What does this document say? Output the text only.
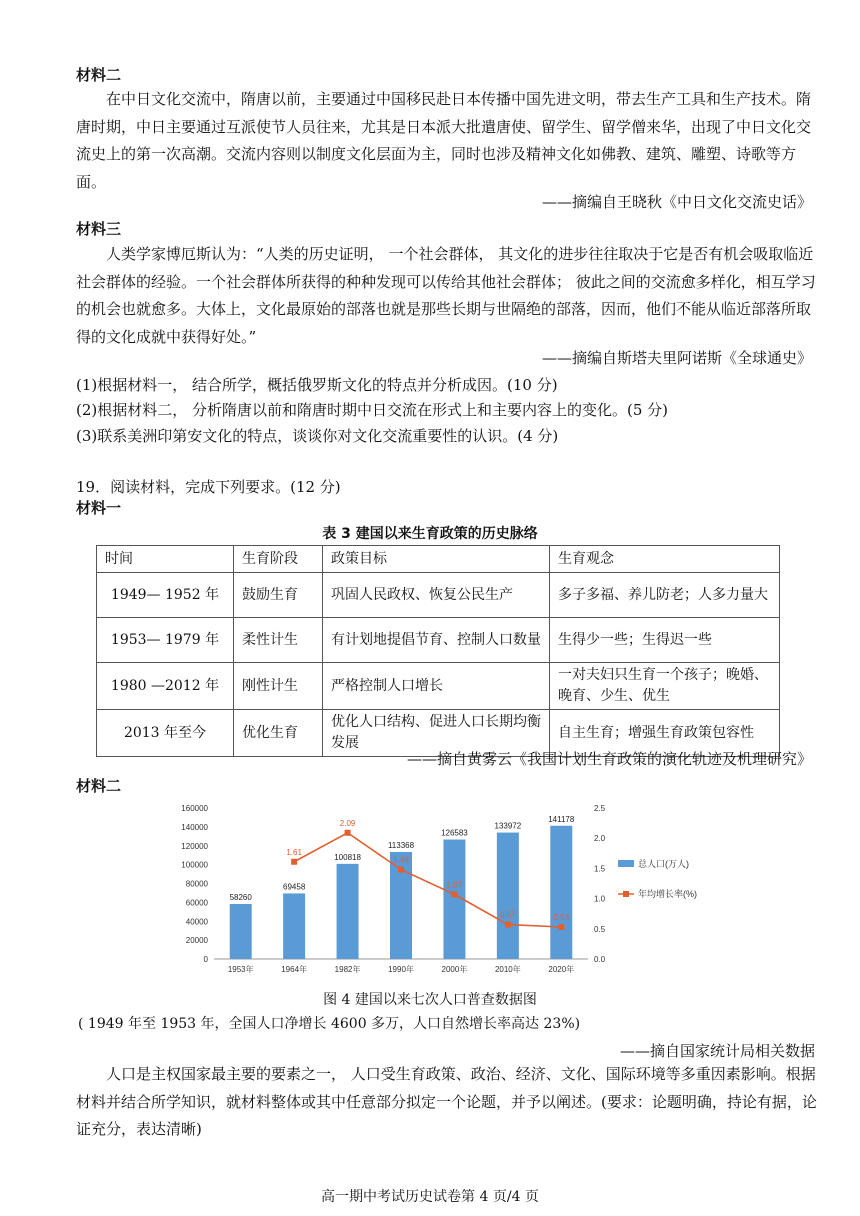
材料二

在中日文化交流中，隋唐以前，主要通过中国移民赴日本传播中国先进文明，带去生产工具和生产技术。隋唐时期，中日主要通过互派使节人员往来，尤其是日本派大批遣唐使、留学生、留学僧来华，出现了中日文化交流史上的第一次高潮。交流内容则以制度文化层面为主，同时也涉及精神文化如佛教、建筑、雕塑、诗歌等方面。

——摘编自王晓秋《中日文化交流史话》
材料三

人类学家博厄斯认为：“人类的历史证明， 一个社会群体， 其文化的进步往往取决于它是否有机会吸取临近社会群体的经验。一个社会群体所获得的种种发现可以传给其他社会群体； 彼此之间的交流愈多样化，相互学习的机会也就愈多。大体上，文化最原始的部落也就是那些长期与世隔绝的部落，因而，他们不能从临近部落所取得的文化成就中获得好处。”

——摘编自斯塔夫里阿诺斯《全球通史》
(1)根据材料一， 结合所学，概括俄罗斯文化的特点并分析成因。(10 分)
(2)根据材料二， 分析隋唐以前和隋唐时期中日交流在形式上和主要内容上的变化。(5 分)
(3)联系美洲印第安文化的特点，谈谈你对文化交流重要性的认识。(4 分)
19．阅读材料，完成下列要求。(12 分)
材料一
表 3 建国以来生育政策的历史脉络
时间	生育阶段	政策目标	生育观念
1949— 1952 年	鼓励生育	巩固人民政权、恢复公民生产	多子多福、养儿防老；人多力量大
1953— 1979 年	柔性计生	有计划地提倡节育、控制人口数量	生得少一些；生得迟一些
1980 —2012 年	刚性计生	严格控制人口增长	一对夫妇只生育一个孩子；晚婚、晚育、少生、优生
2013 年至今	优化生育	优化人口结构、促进人口长期均衡发展	自主生育；增强生育政策包容性
——摘自黄雾云《我国计划生育政策的演化轨迹及机理研究》
材料二
0
20000
40000
60000
80000
100000
120000
140000
160000
0.0
0.5
1.0
1.5
2.0
2.5
1953年	1964年	1982年	1990年	2000年	2010年	2020年
58260
69458
100818
113368
126583
133972
141178
1.61
2.09
1.48
1.07
0.57	0.53
总人口(万人)
年均增长率(%)
图 4 建国以来七次人口普查数据图
( 1949 年至 1953 年，全国人口净增长 4600 多万，人口自然增长率高达 23%)
——摘自国家统计局相关数据

人口是主权国家最主要的要素之一， 人口受生育政策、政治、经济、文化、国际环境等多重因素影响。根据材料并结合所学知识，就材料整体或其中任意部分拟定一个论题，并予以阐述。(要求：论题明确，持论有据，论证充分，表达清晰)

高一期中考试历史试卷第 4 页/4 页
